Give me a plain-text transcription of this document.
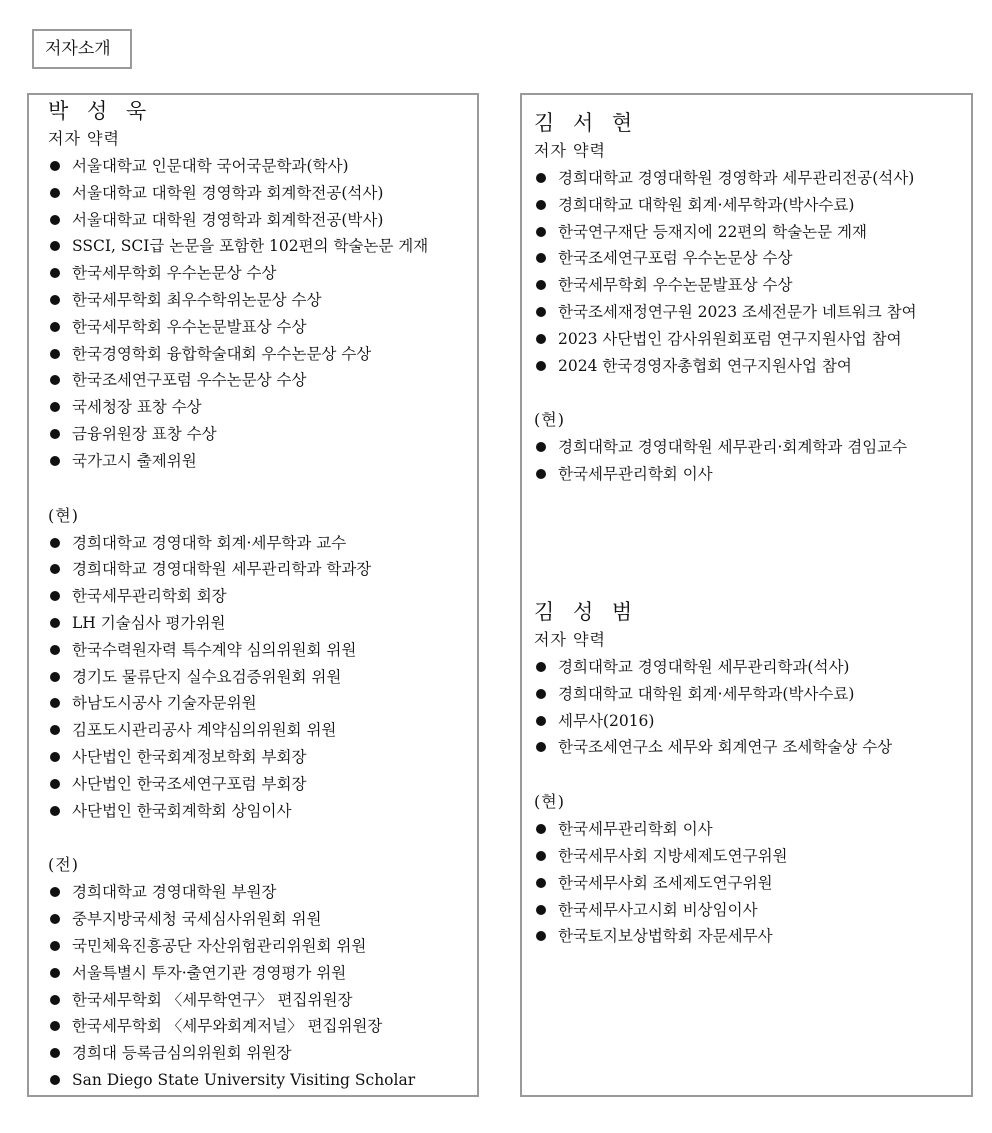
저자소개
박 성 욱
저자 약력
서울대학교 인문대학 국어국문학과(학사)
서울대학교 대학원 경영학과 회계학전공(석사)
서울대학교 대학원 경영학과 회계학전공(박사)
SSCI, SCI급 논문을 포함한 102편의 학술논문 게재
한국세무학회 우수논문상 수상
한국세무학회 최우수학위논문상 수상
한국세무학회 우수논문발표상 수상
한국경영학회 융합학술대회 우수논문상 수상
한국조세연구포럼 우수논문상 수상
국세청장 표창 수상
금융위원장 표창 수상
국가고시 출제위원
(현)
경희대학교 경영대학 회계·세무학과 교수
경희대학교 경영대학원 세무관리학과 학과장
한국세무관리학회 회장
LH 기술심사 평가위원
한국수력원자력 특수계약 심의위원회 위원
경기도 물류단지 실수요검증위원회 위원
하남도시공사 기술자문위원
김포도시관리공사 계약심의위원회 위원
사단법인 한국회계정보학회 부회장
사단법인 한국조세연구포럼 부회장
사단법인 한국회계학회 상임이사
(전)
경희대학교 경영대학원 부원장
중부지방국세청 국세심사위원회 위원
국민체육진흥공단 자산위험관리위원회 위원
서울특별시 투자·출연기관 경영평가 위원
한국세무학회 〈세무학연구〉 편집위원장
한국세무학회 〈세무와회계저널〉 편집위원장
경희대 등록금심의위원회 위원장
San Diego State University Visiting Scholar
김 서 현
저자 약력
경희대학교 경영대학원 경영학과 세무관리전공(석사)
경희대학교 대학원 회계·세무학과(박사수료)
한국연구재단 등재지에 22편의 학술논문 게재
한국조세연구포럼 우수논문상 수상
한국세무학회 우수논문발표상 수상
한국조세재정연구원 2023 조세전문가 네트워크 참여
2023 사단법인 감사위원회포럼 연구지원사업 참여
2024 한국경영자총협회 연구지원사업 참여
(현)
경희대학교 경영대학원 세무관리·회계학과 겸임교수
한국세무관리학회 이사
김 성 범
저자 약력
경희대학교 경영대학원 세무관리학과(석사)
경희대학교 대학원 회계·세무학과(박사수료)
세무사(2016)
한국조세연구소 세무와 회계연구 조세학술상 수상
(현)
한국세무관리학회 이사
한국세무사회 지방세제도연구위원
한국세무사회 조세제도연구위원
한국세무사고시회 비상임이사
한국토지보상법학회 자문세무사
